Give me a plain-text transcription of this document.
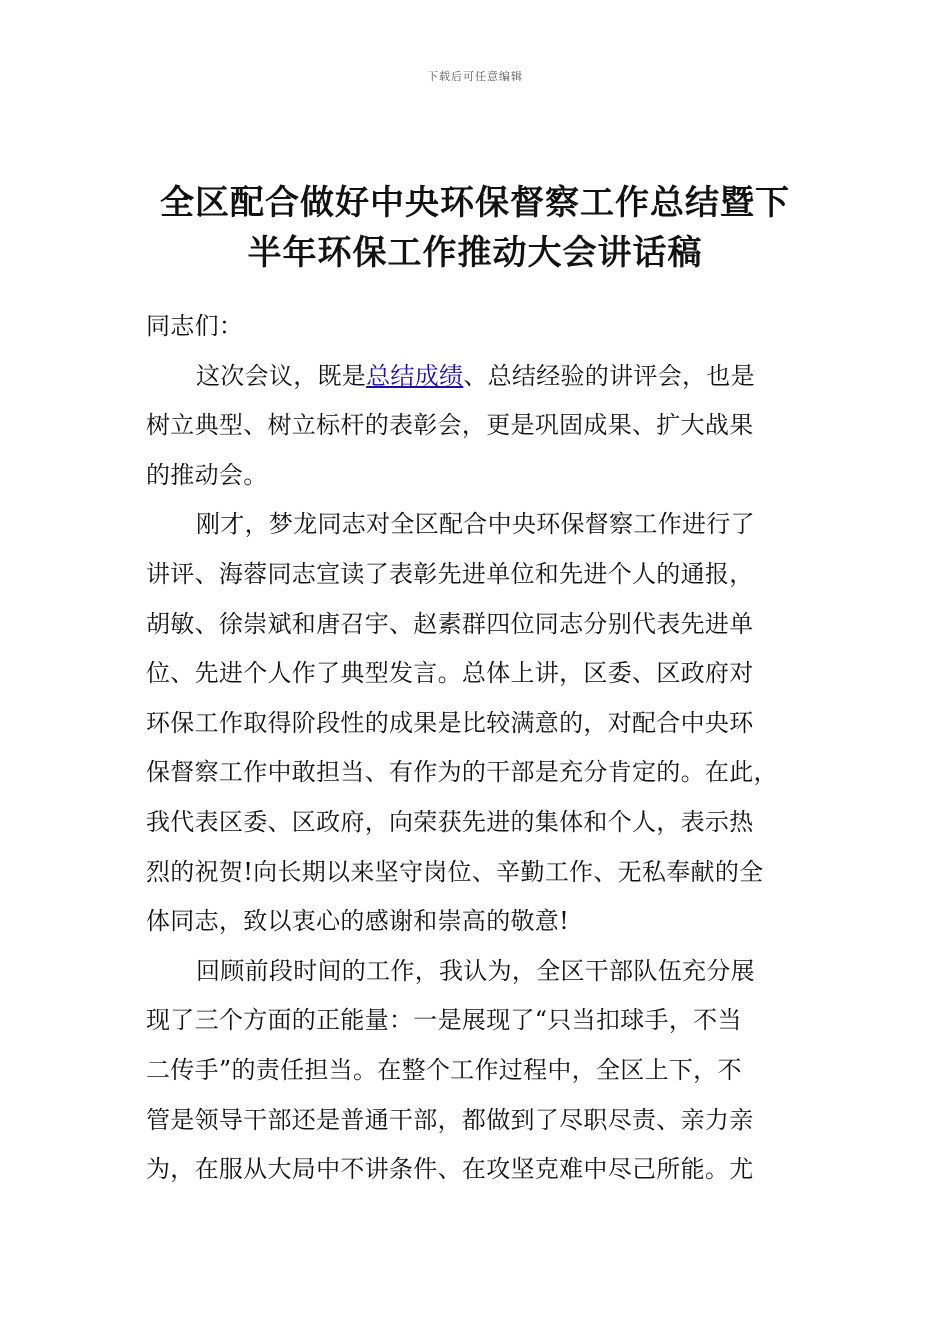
下载后可任意编辑
全区配合做好中央环保督察工作总结暨下
半年环保工作推动大会讲话稿
同志们：
这次会议，既是总结成绩、总结经验的讲评会，也是
树立典型、树立标杆的表彰会，更是巩固成果、扩大战果
的推动会。
刚才，梦龙同志对全区配合中央环保督察工作进行了
讲评、海蓉同志宣读了表彰先进单位和先进个人的通报，
胡敏、徐崇斌和唐召宇、赵素群四位同志分别代表先进单
位、先进个人作了典型发言。总体上讲，区委、区政府对
环保工作取得阶段性的成果是比较满意的，对配合中央环
保督察工作中敢担当、有作为的干部是充分肯定的。在此，
我代表区委、区政府，向荣获先进的集体和个人，表示热
烈的祝贺!向长期以来坚守岗位、辛勤工作、无私奉献的全
体同志，致以衷心的感谢和崇高的敬意!
回顾前段时间的工作，我认为，全区干部队伍充分展
现了三个方面的正能量：一是展现了“只当扣球手，不当
二传手”的责任担当。在整个工作过程中，全区上下，不
管是领导干部还是普通干部，都做到了尽职尽责、亲力亲
为，在服从大局中不讲条件、在攻坚克难中尽己所能。尤
